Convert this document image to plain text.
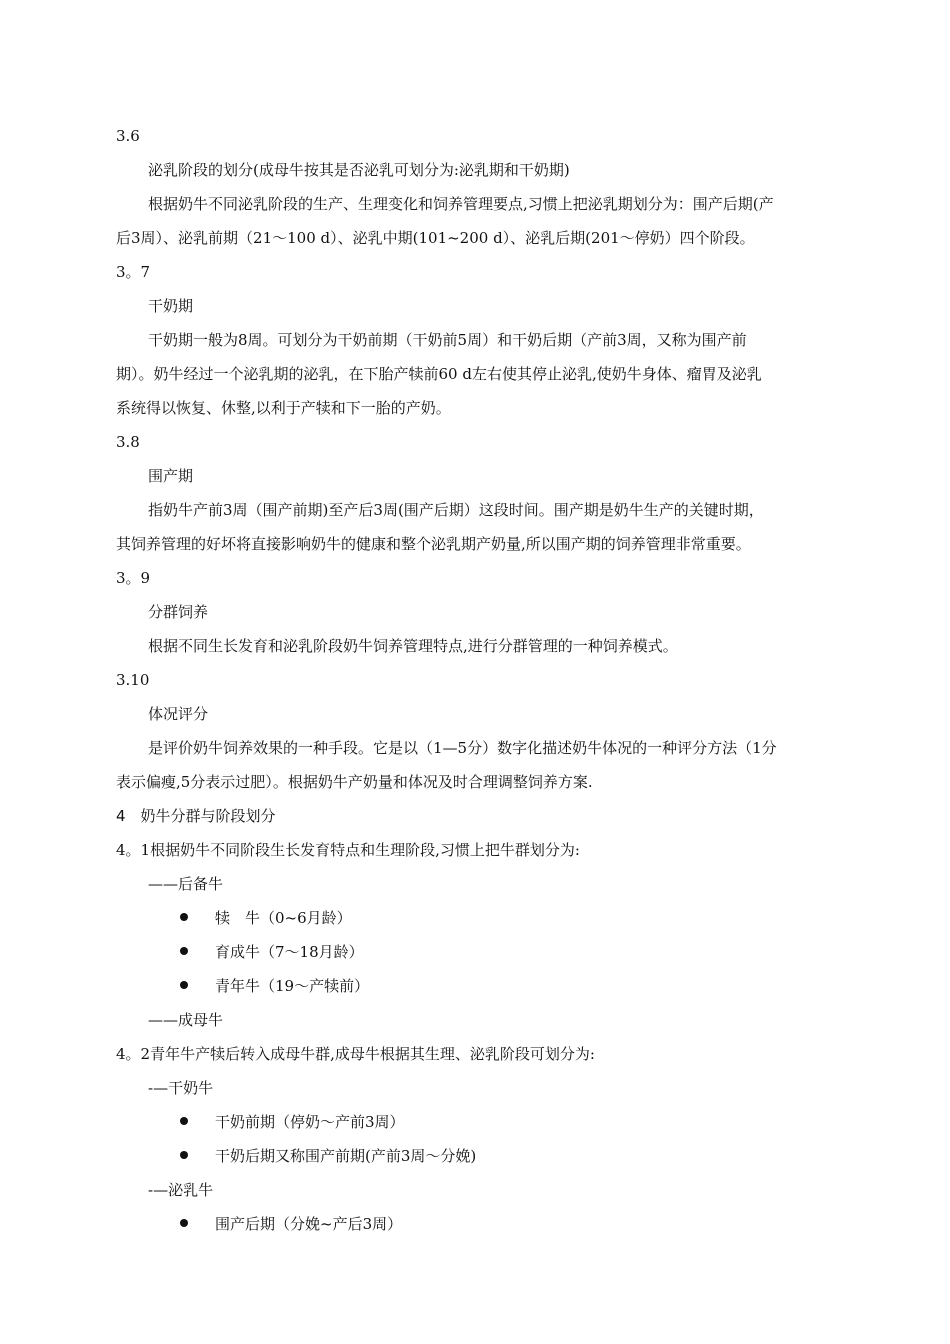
3.6
泌乳阶段的划分(成母牛按其是否泌乳可划分为:泌乳期和干奶期)
根据奶牛不同泌乳阶段的生产、生理变化和饲养管理要点,习惯上把泌乳期划分为：围产后期(产
后3周）、泌乳前期（21～100 d）、泌乳中期(101~200 d）、泌乳后期(201～停奶）四个阶段。
3。7
干奶期
干奶期一般为8周。可划分为干奶前期（干奶前5周）和干奶后期（产前3周，又称为围产前
期）。奶牛经过一个泌乳期的泌乳，在下胎产犊前60 d左右使其停止泌乳,使奶牛身体、瘤胃及泌乳
系统得以恢复、休整,以利于产犊和下一胎的产奶。
3.8
围产期
指奶牛产前3周（围产前期)至产后3周(围产后期）这段时间。围产期是奶牛生产的关键时期，
其饲养管理的好坏将直接影响奶牛的健康和整个泌乳期产奶量,所以围产期的饲养管理非常重要。
3。9
分群饲养
根据不同生长发育和泌乳阶段奶牛饲养管理特点,进行分群管理的一种饲养模式。
3.10
体况评分
是评价奶牛饲养效果的一种手段。它是以（1—5分）数字化描述奶牛体况的一种评分方法（1分
表示偏瘦,5分表示过肥）。根据奶牛产奶量和体况及时合理调整饲养方案.
4　奶牛分群与阶段划分
4。1根据奶牛不同阶段生长发育特点和生理阶段,习惯上把牛群划分为:
——后备牛
犊　牛（0~6月龄）
育成牛（7～18月龄）
青年牛（19～产犊前）
——成母牛
4。2青年牛产犊后转入成母牛群,成母牛根据其生理、泌乳阶段可划分为:
-—干奶牛
干奶前期（停奶～产前3周）
干奶后期又称围产前期(产前3周～分娩)
-—泌乳牛
围产后期（分娩~产后3周）
